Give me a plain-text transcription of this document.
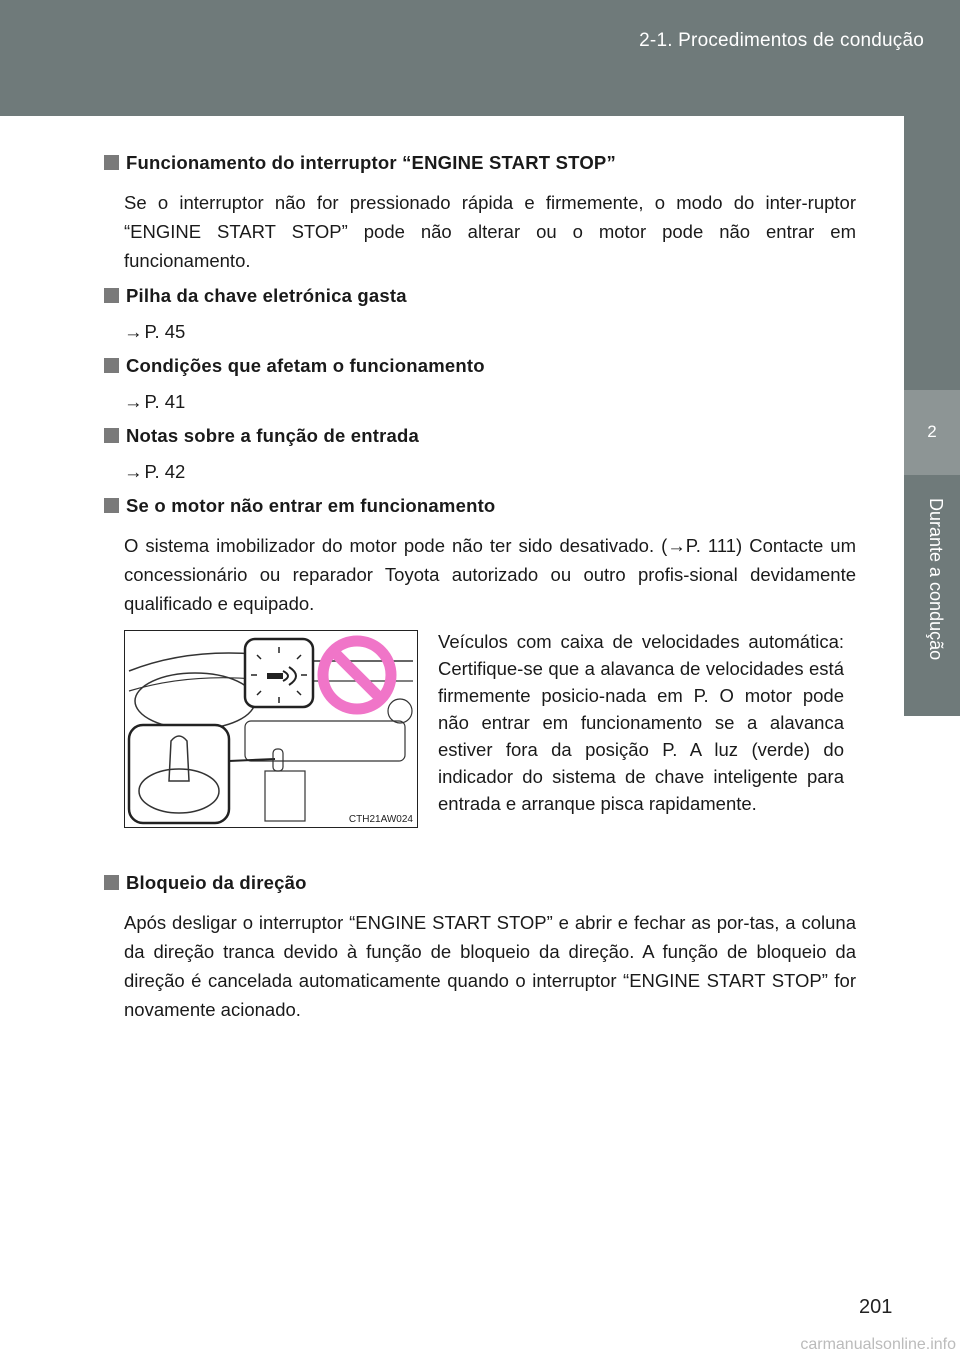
2-1. Procedimentos de condução
2
Durante a condução
Funcionamento do interruptor “ENGINE START STOP”
Se o interruptor não for pressionado rápida e firmemente, o modo do inter-ruptor “ENGINE START STOP” pode não alterar ou o motor pode não entrar em funcionamento.
Pilha da chave eletrónica gasta
→ P. 45
Condições que afetam o funcionamento
→ P. 41
Notas sobre a função de entrada
→ P. 42
Se o motor não entrar em funcionamento
O sistema imobilizador do motor pode não ter sido desativado. (→P. 111) Contacte um concessionário ou reparador Toyota autorizado ou outro profis-sional devidamente qualificado e equipado.
CTH21AW024
Veículos com caixa de velocidades automática: Certifique-se que a alavanca de velocidades está firmemente posicio-nada em P. O motor pode não entrar em funcionamento se a alavanca estiver fora da posição P. A luz (verde) do indicador do sistema de chave inteligente para entrada e arranque pisca rapidamente.
Bloqueio da direção
Após desligar o interruptor “ENGINE START STOP” e abrir e fechar as por-tas, a coluna da direção tranca devido à função de bloqueio da direção. A função de bloqueio da direção é cancelada automaticamente quando o interruptor “ENGINE START STOP” for novamente acionado.
201
carmanualsonline.info
